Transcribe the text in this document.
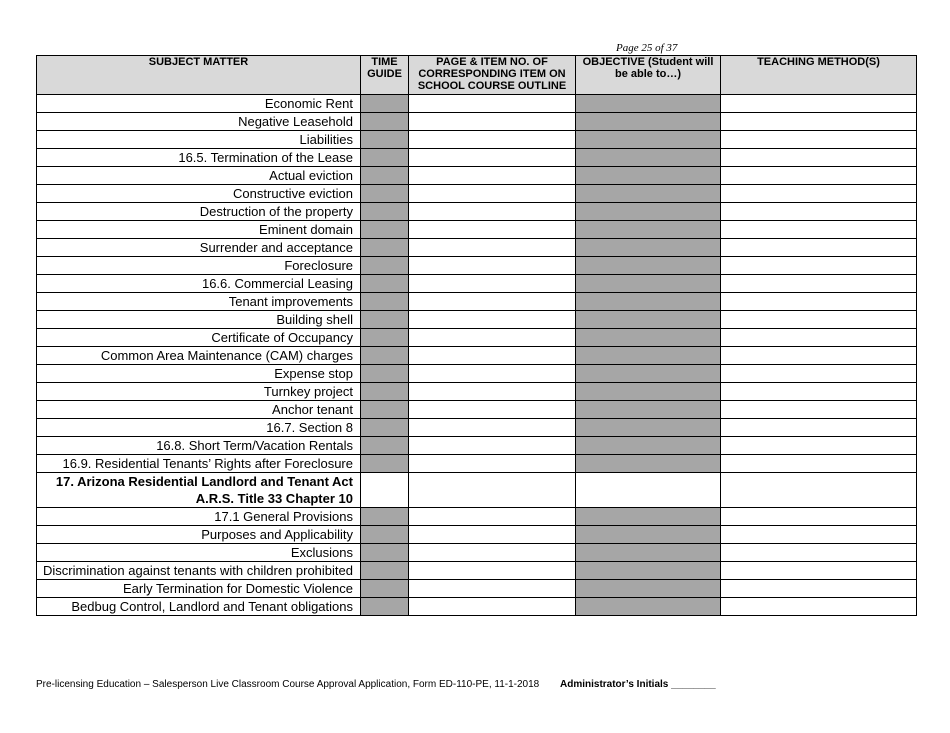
Page 25 of 37
SUBJECT MATTER	TIME GUIDE	PAGE & ITEM NO. OF CORRESPONDING ITEM ON SCHOOL COURSE OUTLINE	OBJECTIVE (Student will be able to…)	TEACHING METHOD(S)
Economic Rent				
Negative Leasehold				
Liabilities				
16.5. Termination of the Lease				
Actual eviction				
Constructive eviction				
Destruction of the property				
Eminent domain				
Surrender and acceptance				
Foreclosure				
16.6. Commercial Leasing				
Tenant improvements				
Building shell				
Certificate of Occupancy				
Common Area Maintenance (CAM) charges				
Expense stop				
Turnkey project				
Anchor tenant				
16.7. Section 8				
16.8. Short Term/Vacation Rentals				
16.9. Residential Tenants’ Rights after Foreclosure				
17. Arizona Residential Landlord and Tenant Act A.R.S. Title 33 Chapter 10				
17.1 General Provisions				
Purposes and Applicability				
Exclusions				
Discrimination against tenants with children prohibited				
Early Termination for Domestic Violence				
Bedbug Control, Landlord and Tenant obligations				
Pre-licensing Education – Salesperson Live Classroom Course Approval Application, Form ED-110-PE, 11-1-2018 Administrator’s Initials ________
